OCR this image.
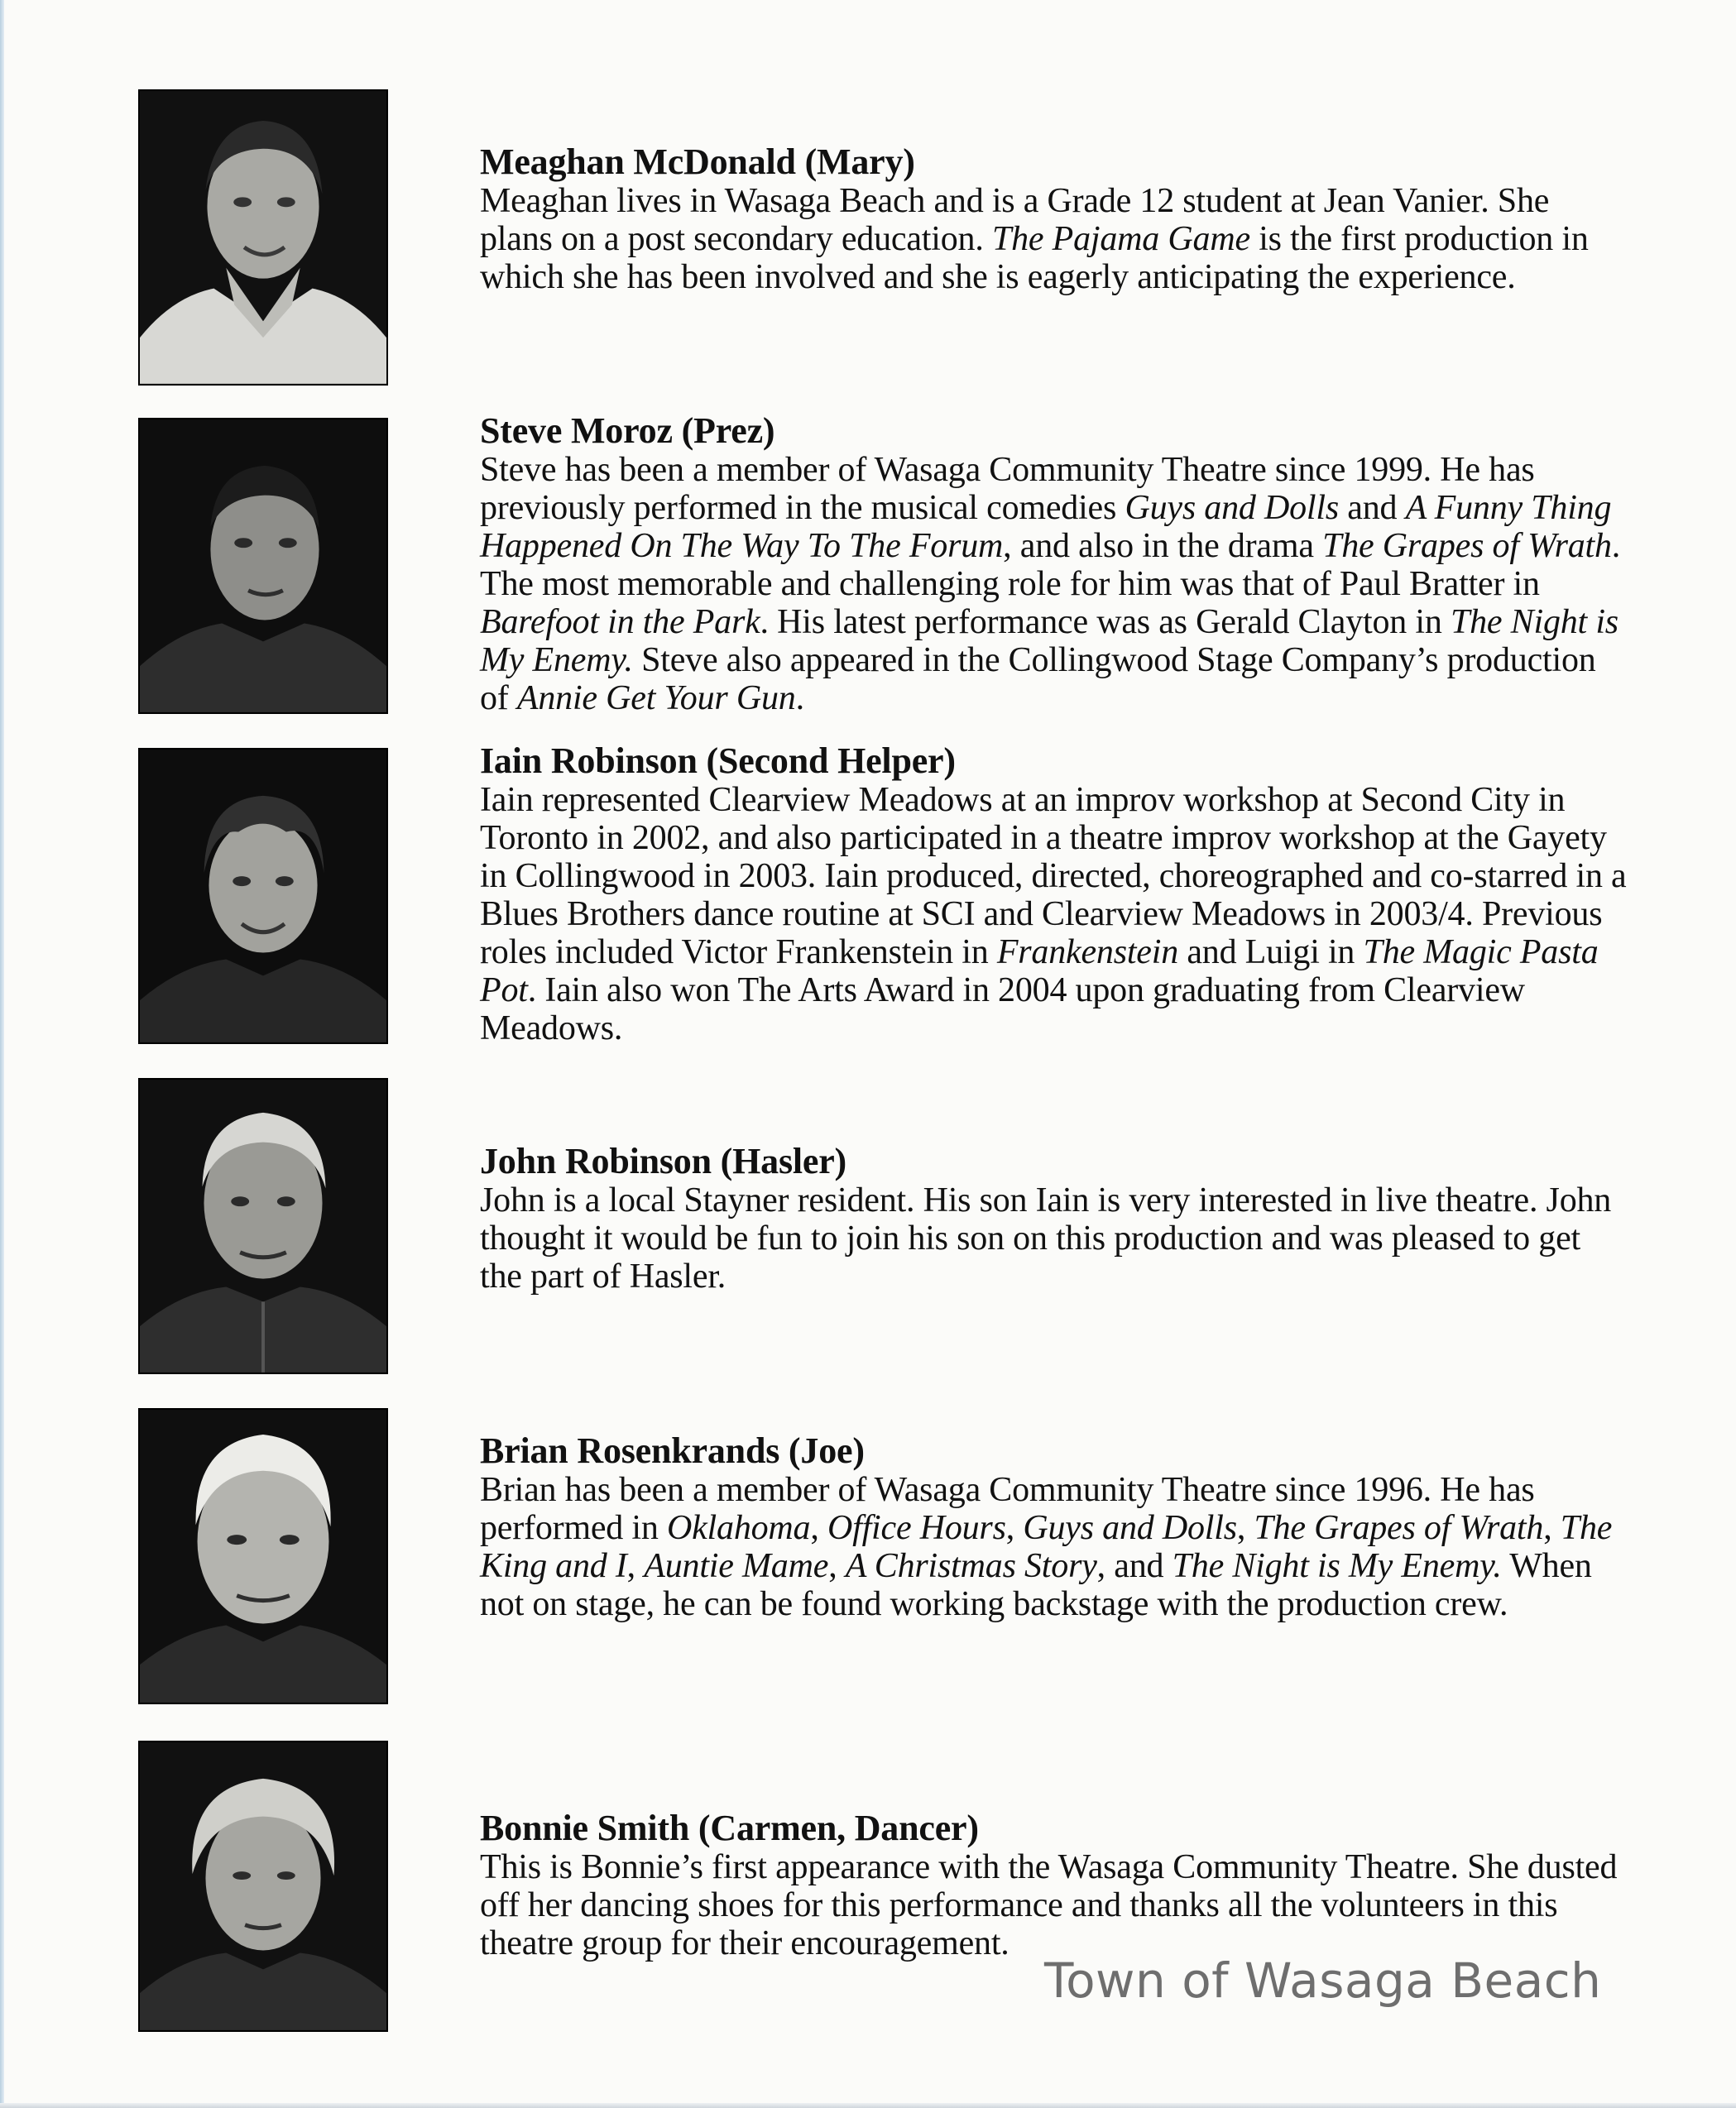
Meaghan McDonald (Mary)

Meaghan lives in Wasaga Beach and is a Grade 12 student at Jean Vanier. She plans on a post secondary education. The Pajama Game is the first production in which she has been involved and she is eagerly anticipating the experience.

Steve Moroz (Prez)

Steve has been a member of Wasaga Community Theatre since 1999. He has previously performed in the musical comedies Guys and Dolls and A Funny Thing Happened On The Way To The Forum, and also in the drama The Grapes of Wrath. The most memorable and challenging role for him was that of Paul Bratter in Barefoot in the Park. His latest performance was as Gerald Clayton in The Night is My Enemy. Steve also appeared in the Collingwood Stage Company’s production of Annie Get Your Gun.

Iain Robinson (Second Helper)

Iain represented Clearview Meadows at an improv workshop at Second City in Toronto in 2002, and also participated in a theatre improv workshop at the Gayety in Collingwood in 2003. Iain produced, directed, choreographed and co-starred in a Blues Brothers dance routine at SCI and Clearview Meadows in 2003/4. Previous roles included Victor Frankenstein in Frankenstein and Luigi in The Magic Pasta Pot. Iain also won The Arts Award in 2004 upon graduating from Clearview Meadows.

John Robinson (Hasler)

John is a local Stayner resident. His son Iain is very interested in live theatre. John thought it would be fun to join his son on this production and was pleased to get the part of Hasler.

Brian Rosenkrands (Joe)

Brian has been a member of Wasaga Community Theatre since 1996. He has performed in Oklahoma, Office Hours, Guys and Dolls, The Grapes of Wrath, The King and I, Auntie Mame, A Christmas Story, and The Night is My Enemy. When not on stage, he can be found working backstage with the production crew.

Bonnie Smith (Carmen, Dancer)

This is Bonnie’s first appearance with the Wasaga Community Theatre. She dusted off her dancing shoes for this performance and thanks all the volunteers in this theatre group for their encouragement.

Town of Wasaga Beach
